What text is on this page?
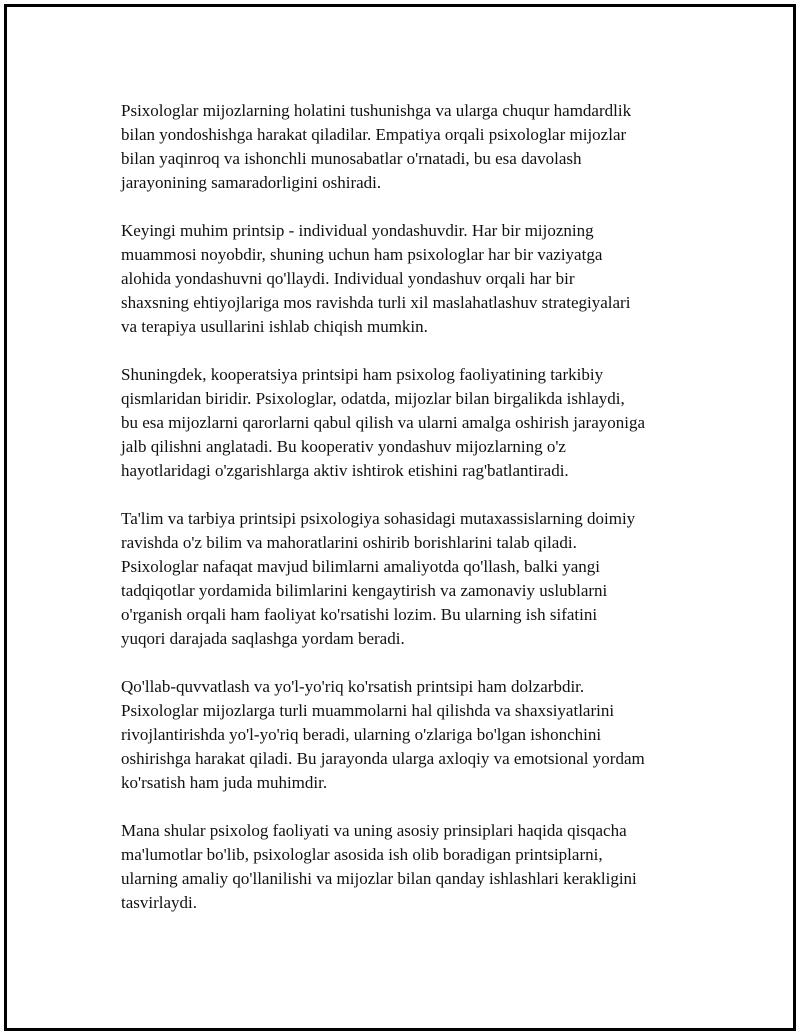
Psixologlar mijozlarning holatini tushunishga va ularga chuqur hamdardlik
bilan yondoshishga harakat qiladilar. Empatiya orqali psixologlar mijozlar
bilan yaqinroq va ishonchli munosabatlar o'rnatadi, bu esa davolash
jarayonining samaradorligini oshiradi.

Keyingi muhim printsip - individual yondashuvdir. Har bir mijozning
muammosi noyobdir, shuning uchun ham psixologlar har bir vaziyatga
alohida yondashuvni qo'llaydi. Individual yondashuv orqali har bir
shaxsning ehtiyojlariga mos ravishda turli xil maslahatlashuv strategiyalari
va terapiya usullarini ishlab chiqish mumkin.

Shuningdek, kooperatsiya printsipi ham psixolog faoliyatining tarkibiy
qismlaridan biridir. Psixologlar, odatda, mijozlar bilan birgalikda ishlaydi,
bu esa mijozlarni qarorlarni qabul qilish va ularni amalga oshirish jarayoniga
jalb qilishni anglatadi. Bu kooperativ yondashuv mijozlarning o'z
hayotlaridagi o'zgarishlarga aktiv ishtirok etishini rag'batlantiradi.

Ta'lim va tarbiya printsipi psixologiya sohasidagi mutaxassislarning doimiy
ravishda o'z bilim va mahoratlarini oshirib borishlarini talab qiladi.
Psixologlar nafaqat mavjud bilimlarni amaliyotda qo'llash, balki yangi
tadqiqotlar yordamida bilimlarini kengaytirish va zamonaviy uslublarni
o'rganish orqali ham faoliyat ko'rsatishi lozim. Bu ularning ish sifatini
yuqori darajada saqlashga yordam beradi.

Qo'llab-quvvatlash va yo'l-yo'riq ko'rsatish printsipi ham dolzarbdir.
Psixologlar mijozlarga turli muammolarni hal qilishda va shaxsiyatlarini
rivojlantirishda yo'l-yo'riq beradi, ularning o'zlariga bo'lgan ishonchini
oshirishga harakat qiladi. Bu jarayonda ularga axloqiy va emotsional yordam
ko'rsatish ham juda muhimdir.

Mana shular psixolog faoliyati va uning asosiy prinsiplari haqida qisqacha
ma'lumotlar bo'lib, psixologlar asosida ish olib boradigan printsiplarni,
ularning amaliy qo'llanilishi va mijozlar bilan qanday ishlashlari kerakligini
tasvirlaydi.
